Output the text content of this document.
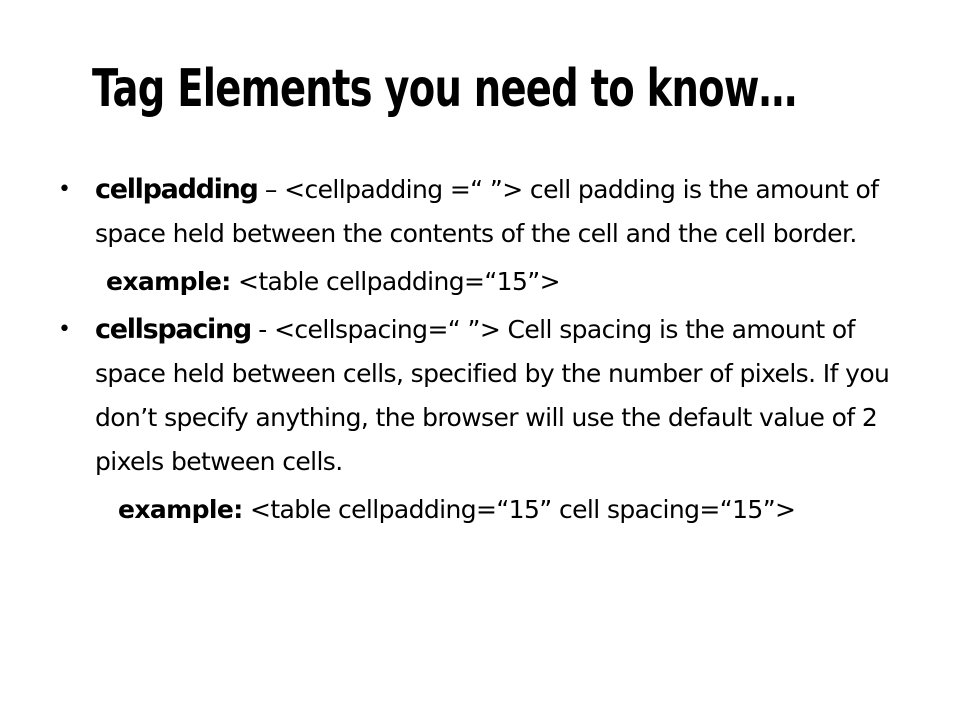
Tag Elements you need to know…
• cellpadding – <cellpadding =“ ”> cell padding is the amount of space held between the contents of the cell and the cell border.
example: <table cellpadding=“15”>
• cellspacing - <cellspacing=“ ”> Cell spacing is the amount of space held between cells, specified by the number of pixels. If you don’t specify anything, the browser will use the default value of 2 pixels between cells.
example: <table cellpadding=“15” cell spacing=“15”>
